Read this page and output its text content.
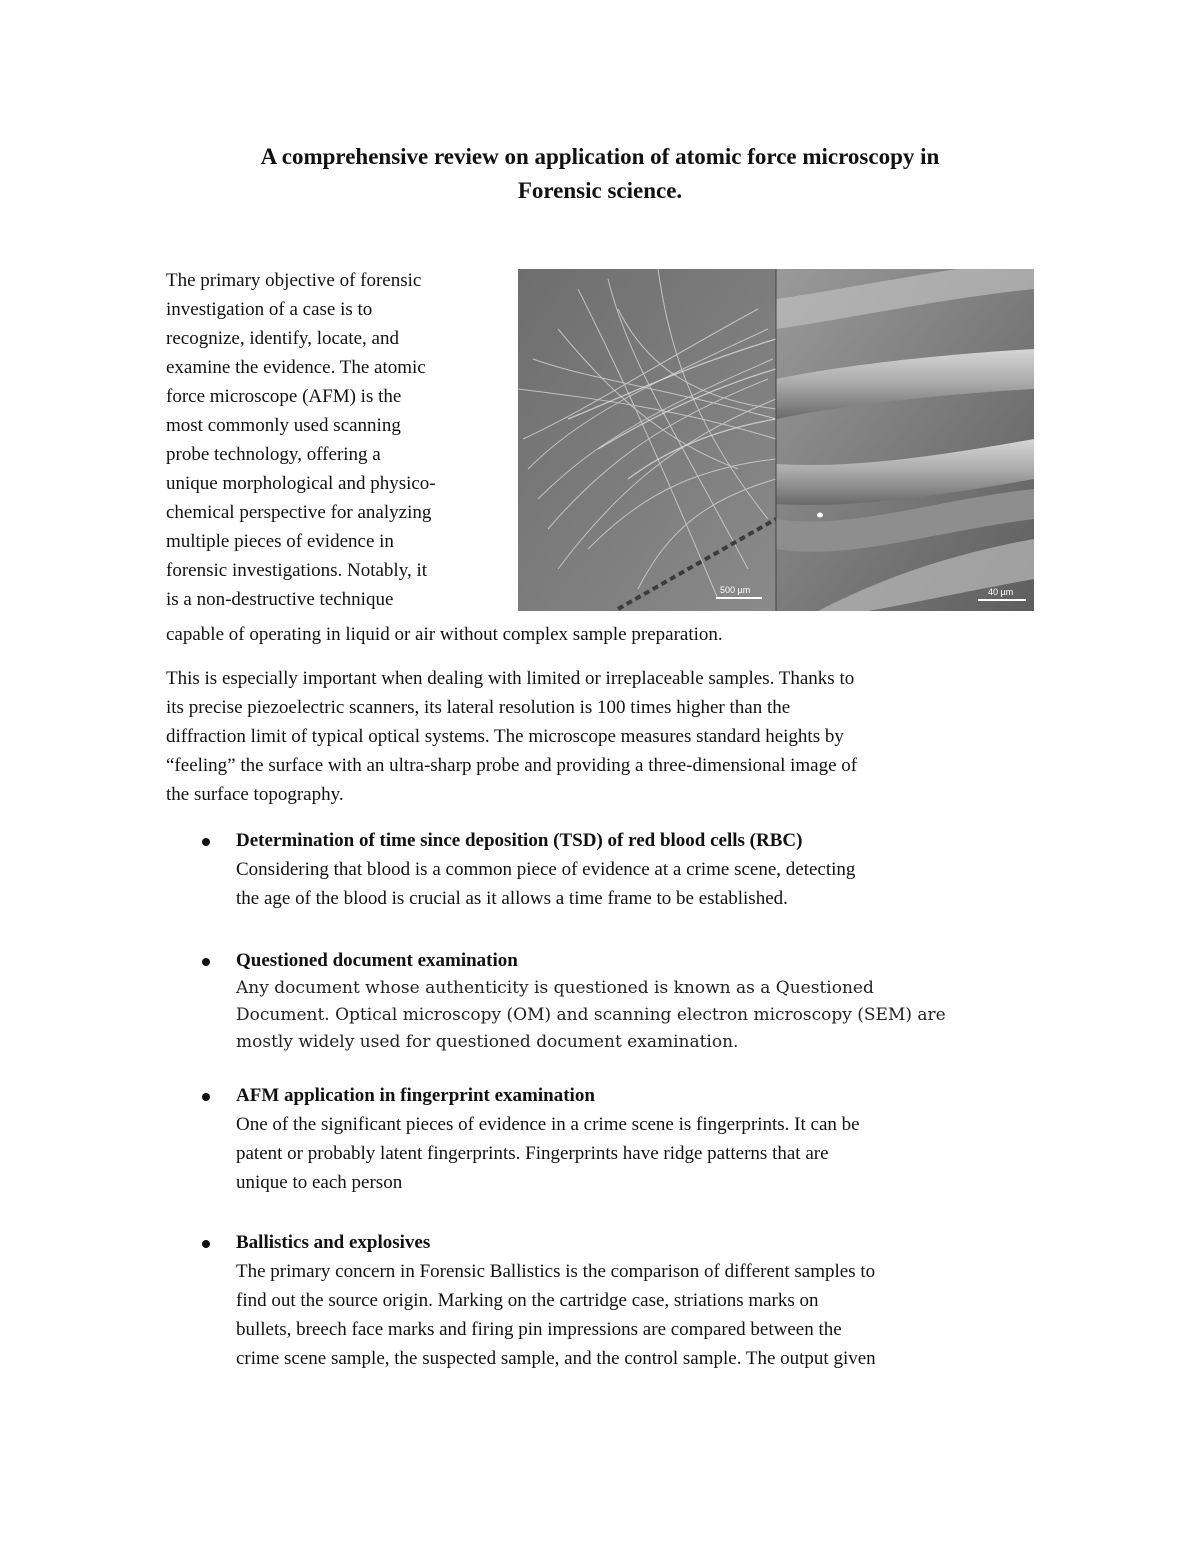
A comprehensive review on application of atomic force microscopy in
Forensic science.
The primary objective of forensic
investigation of a case is to
recognize, identify, locate, and
examine the evidence. The atomic
force microscope (AFM) is the
most commonly used scanning
probe technology, offering a
unique morphological and physico-
chemical perspective for analyzing
multiple pieces of evidence in
forensic investigations. Notably, it
is a non-destructive technique
capable of operating in liquid or air without complex sample preparation.
500 µm	40 µm
This is especially important when dealing with limited or irreplaceable samples. Thanks to
its precise piezoelectric scanners, its lateral resolution is 100 times higher than the
diffraction limit of typical optical systems. The microscope measures standard heights by
“feeling” the surface with an ultra-sharp probe and providing a three-dimensional image of
the surface topography.
Determination of time since deposition (TSD) of red blood cells (RBC)
Considering that blood is a common piece of evidence at a crime scene, detecting
the age of the blood is crucial as it allows a time frame to be established.
Questioned document examination
Any document whose authenticity is questioned is known as a Questioned
Document. Optical microscopy (OM) and scanning electron microscopy (SEM) are
mostly widely used for questioned document examination.
AFM application in fingerprint examination
One of the significant pieces of evidence in a crime scene is fingerprints. It can be
patent or probably latent fingerprints. Fingerprints have ridge patterns that are
unique to each person
Ballistics and explosives
The primary concern in Forensic Ballistics is the comparison of different samples to
find out the source origin. Marking on the cartridge case, striations marks on
bullets, breech face marks and firing pin impressions are compared between the
crime scene sample, the suspected sample, and the control sample. The output given
